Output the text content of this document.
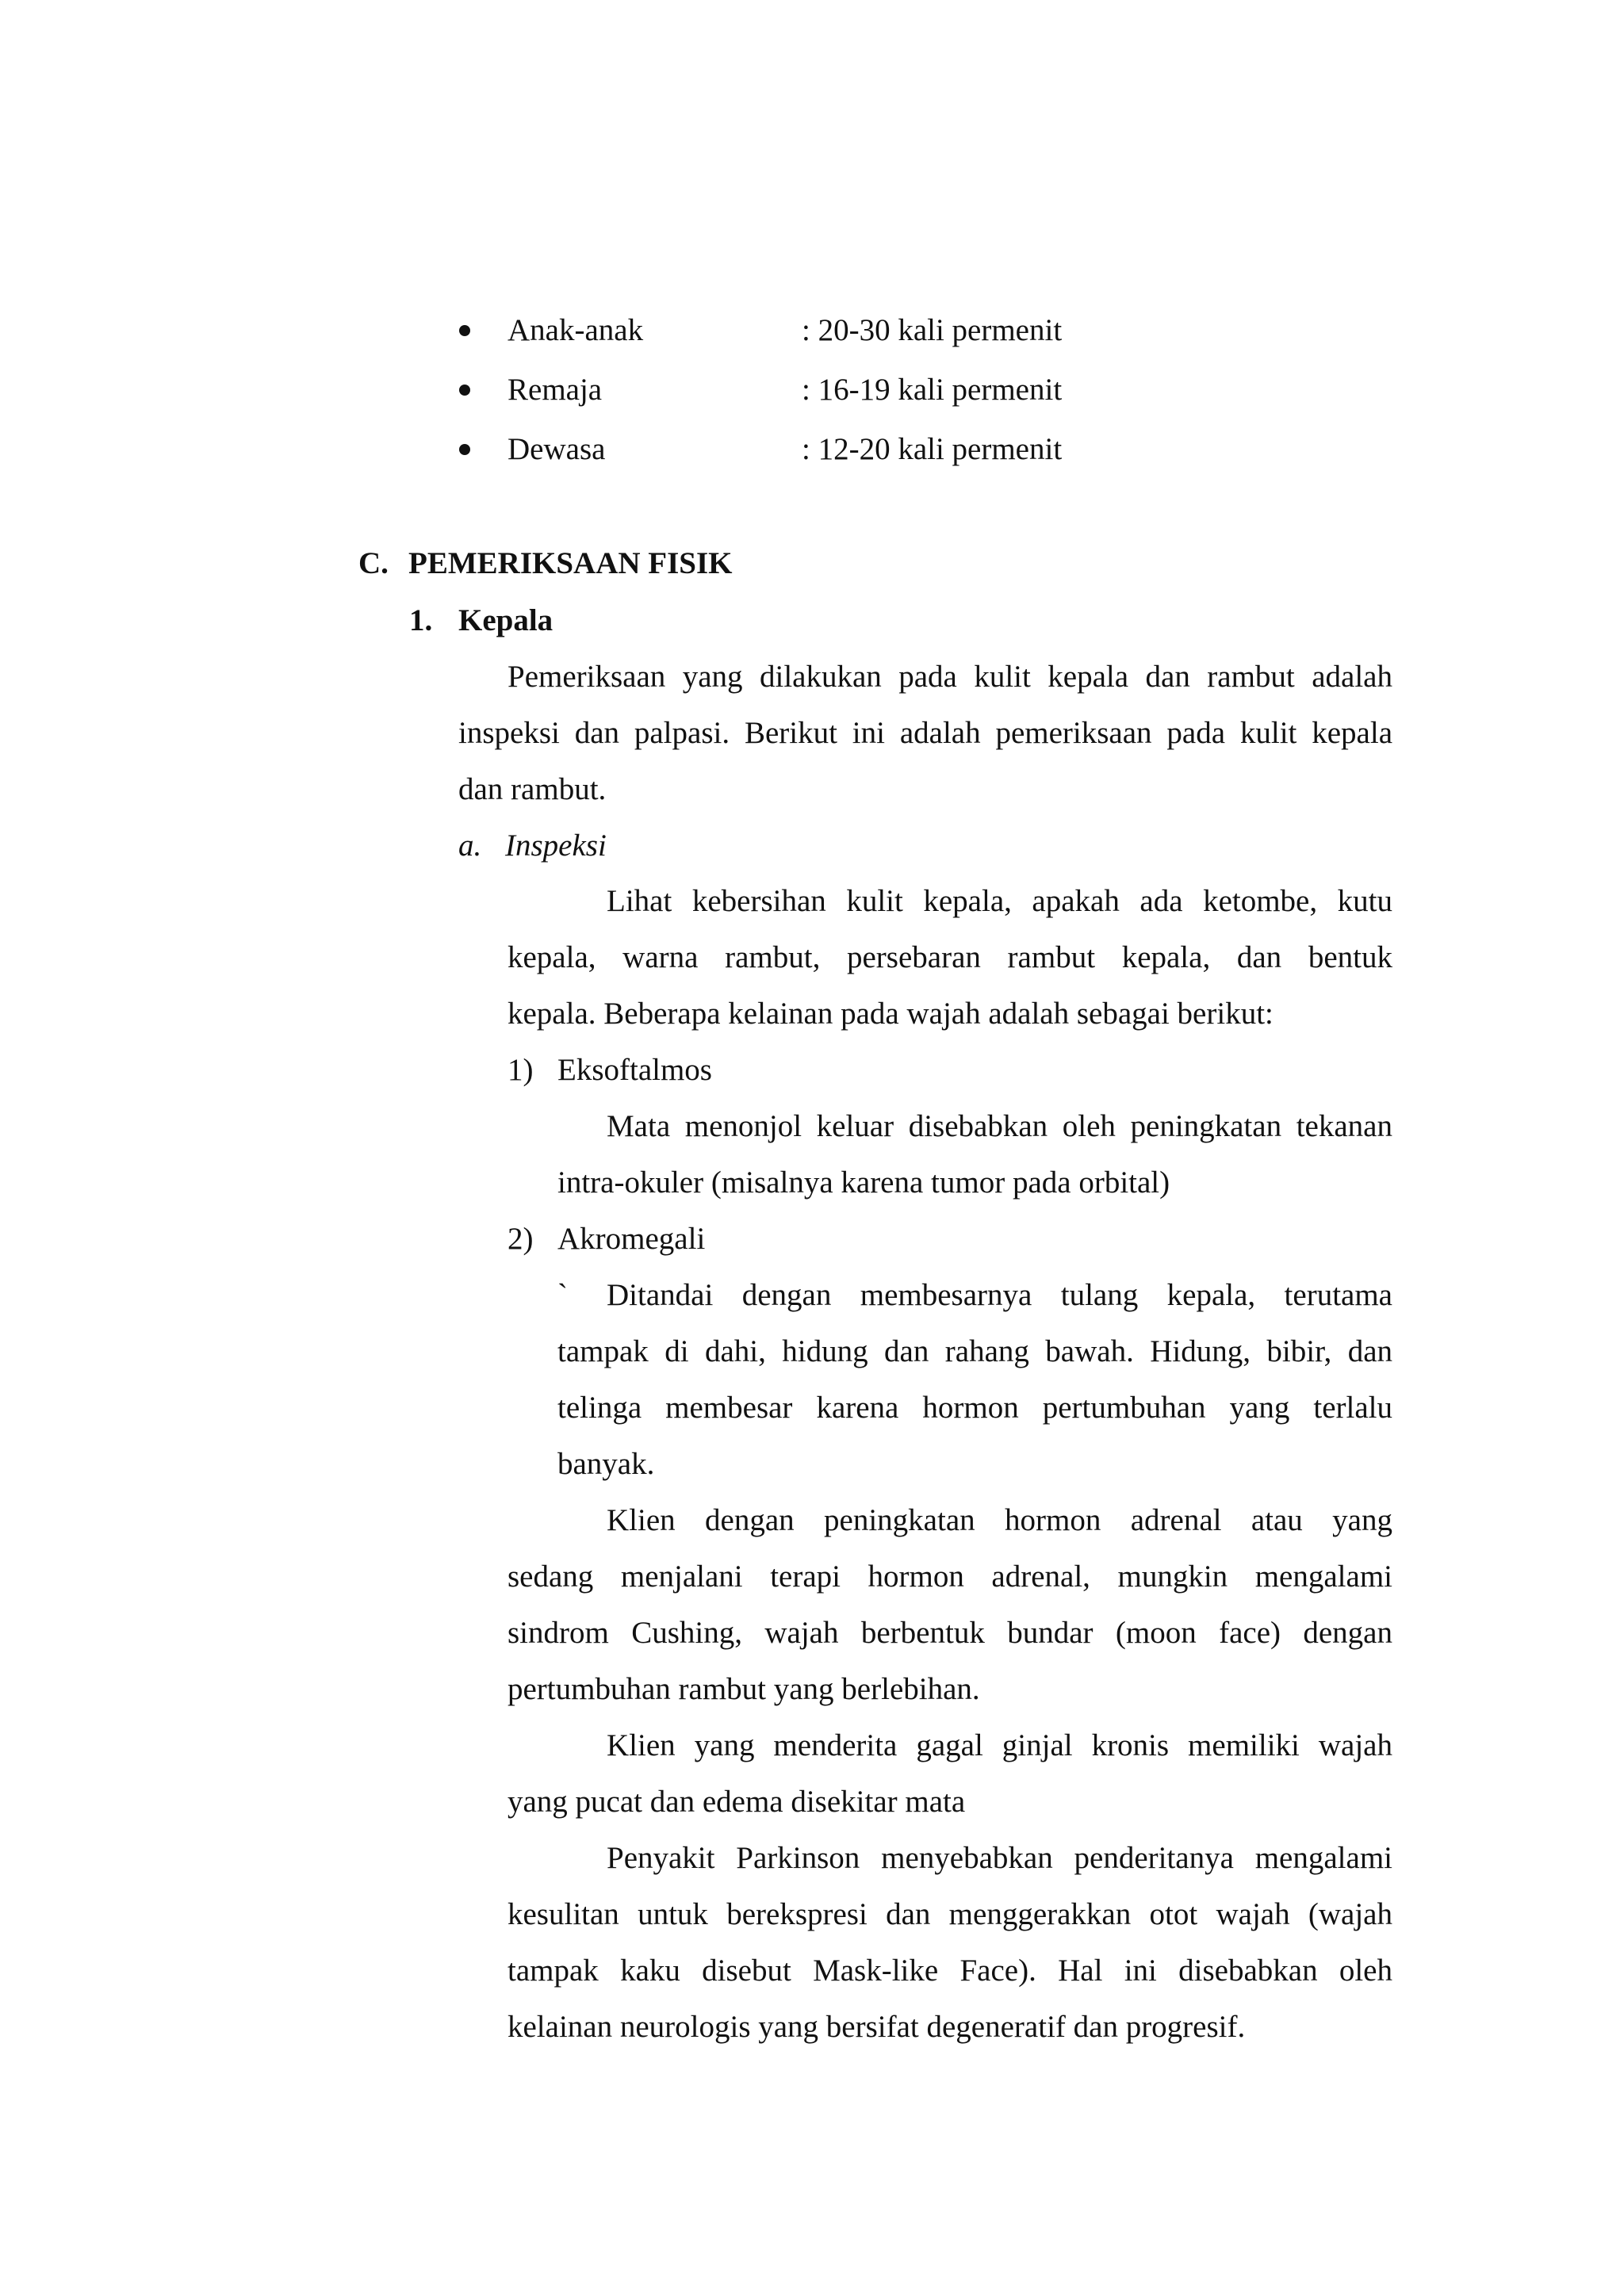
Anak-anak	: 20-30 kali permenit
Remaja	: 16-19 kali permenit
Dewasa	: 12-20 kali permenit
C. PEMERIKSAAN FISIK
1. Kepala
Pemeriksaan yang dilakukan pada kulit kepala dan rambut adalah
inspeksi dan palpasi. Berikut ini adalah pemeriksaan pada kulit kepala
dan rambut.
a. Inspeksi
Lihat kebersihan kulit kepala, apakah ada ketombe, kutu
kepala, warna rambut, persebaran rambut kepala, dan bentuk
kepala. Beberapa kelainan pada wajah adalah sebagai berikut:
1) Eksoftalmos
Mata menonjol keluar disebabkan oleh peningkatan tekanan
intra-okuler (misalnya karena tumor pada orbital)
2) Akromegali
` Ditandai dengan membesarnya tulang kepala, terutama
tampak di dahi, hidung dan rahang bawah. Hidung, bibir, dan
telinga membesar karena hormon pertumbuhan yang terlalu
banyak.
Klien dengan peningkatan hormon adrenal atau yang
sedang menjalani terapi hormon adrenal, mungkin mengalami
sindrom Cushing, wajah berbentuk bundar (moon face) dengan
pertumbuhan rambut yang berlebihan.
Klien yang menderita gagal ginjal kronis memiliki wajah
yang pucat dan edema disekitar mata
Penyakit Parkinson menyebabkan penderitanya mengalami
kesulitan untuk berekspresi dan menggerakkan otot wajah (wajah
tampak kaku disebut Mask-like Face). Hal ini disebabkan oleh
kelainan neurologis yang bersifat degeneratif dan progresif.
